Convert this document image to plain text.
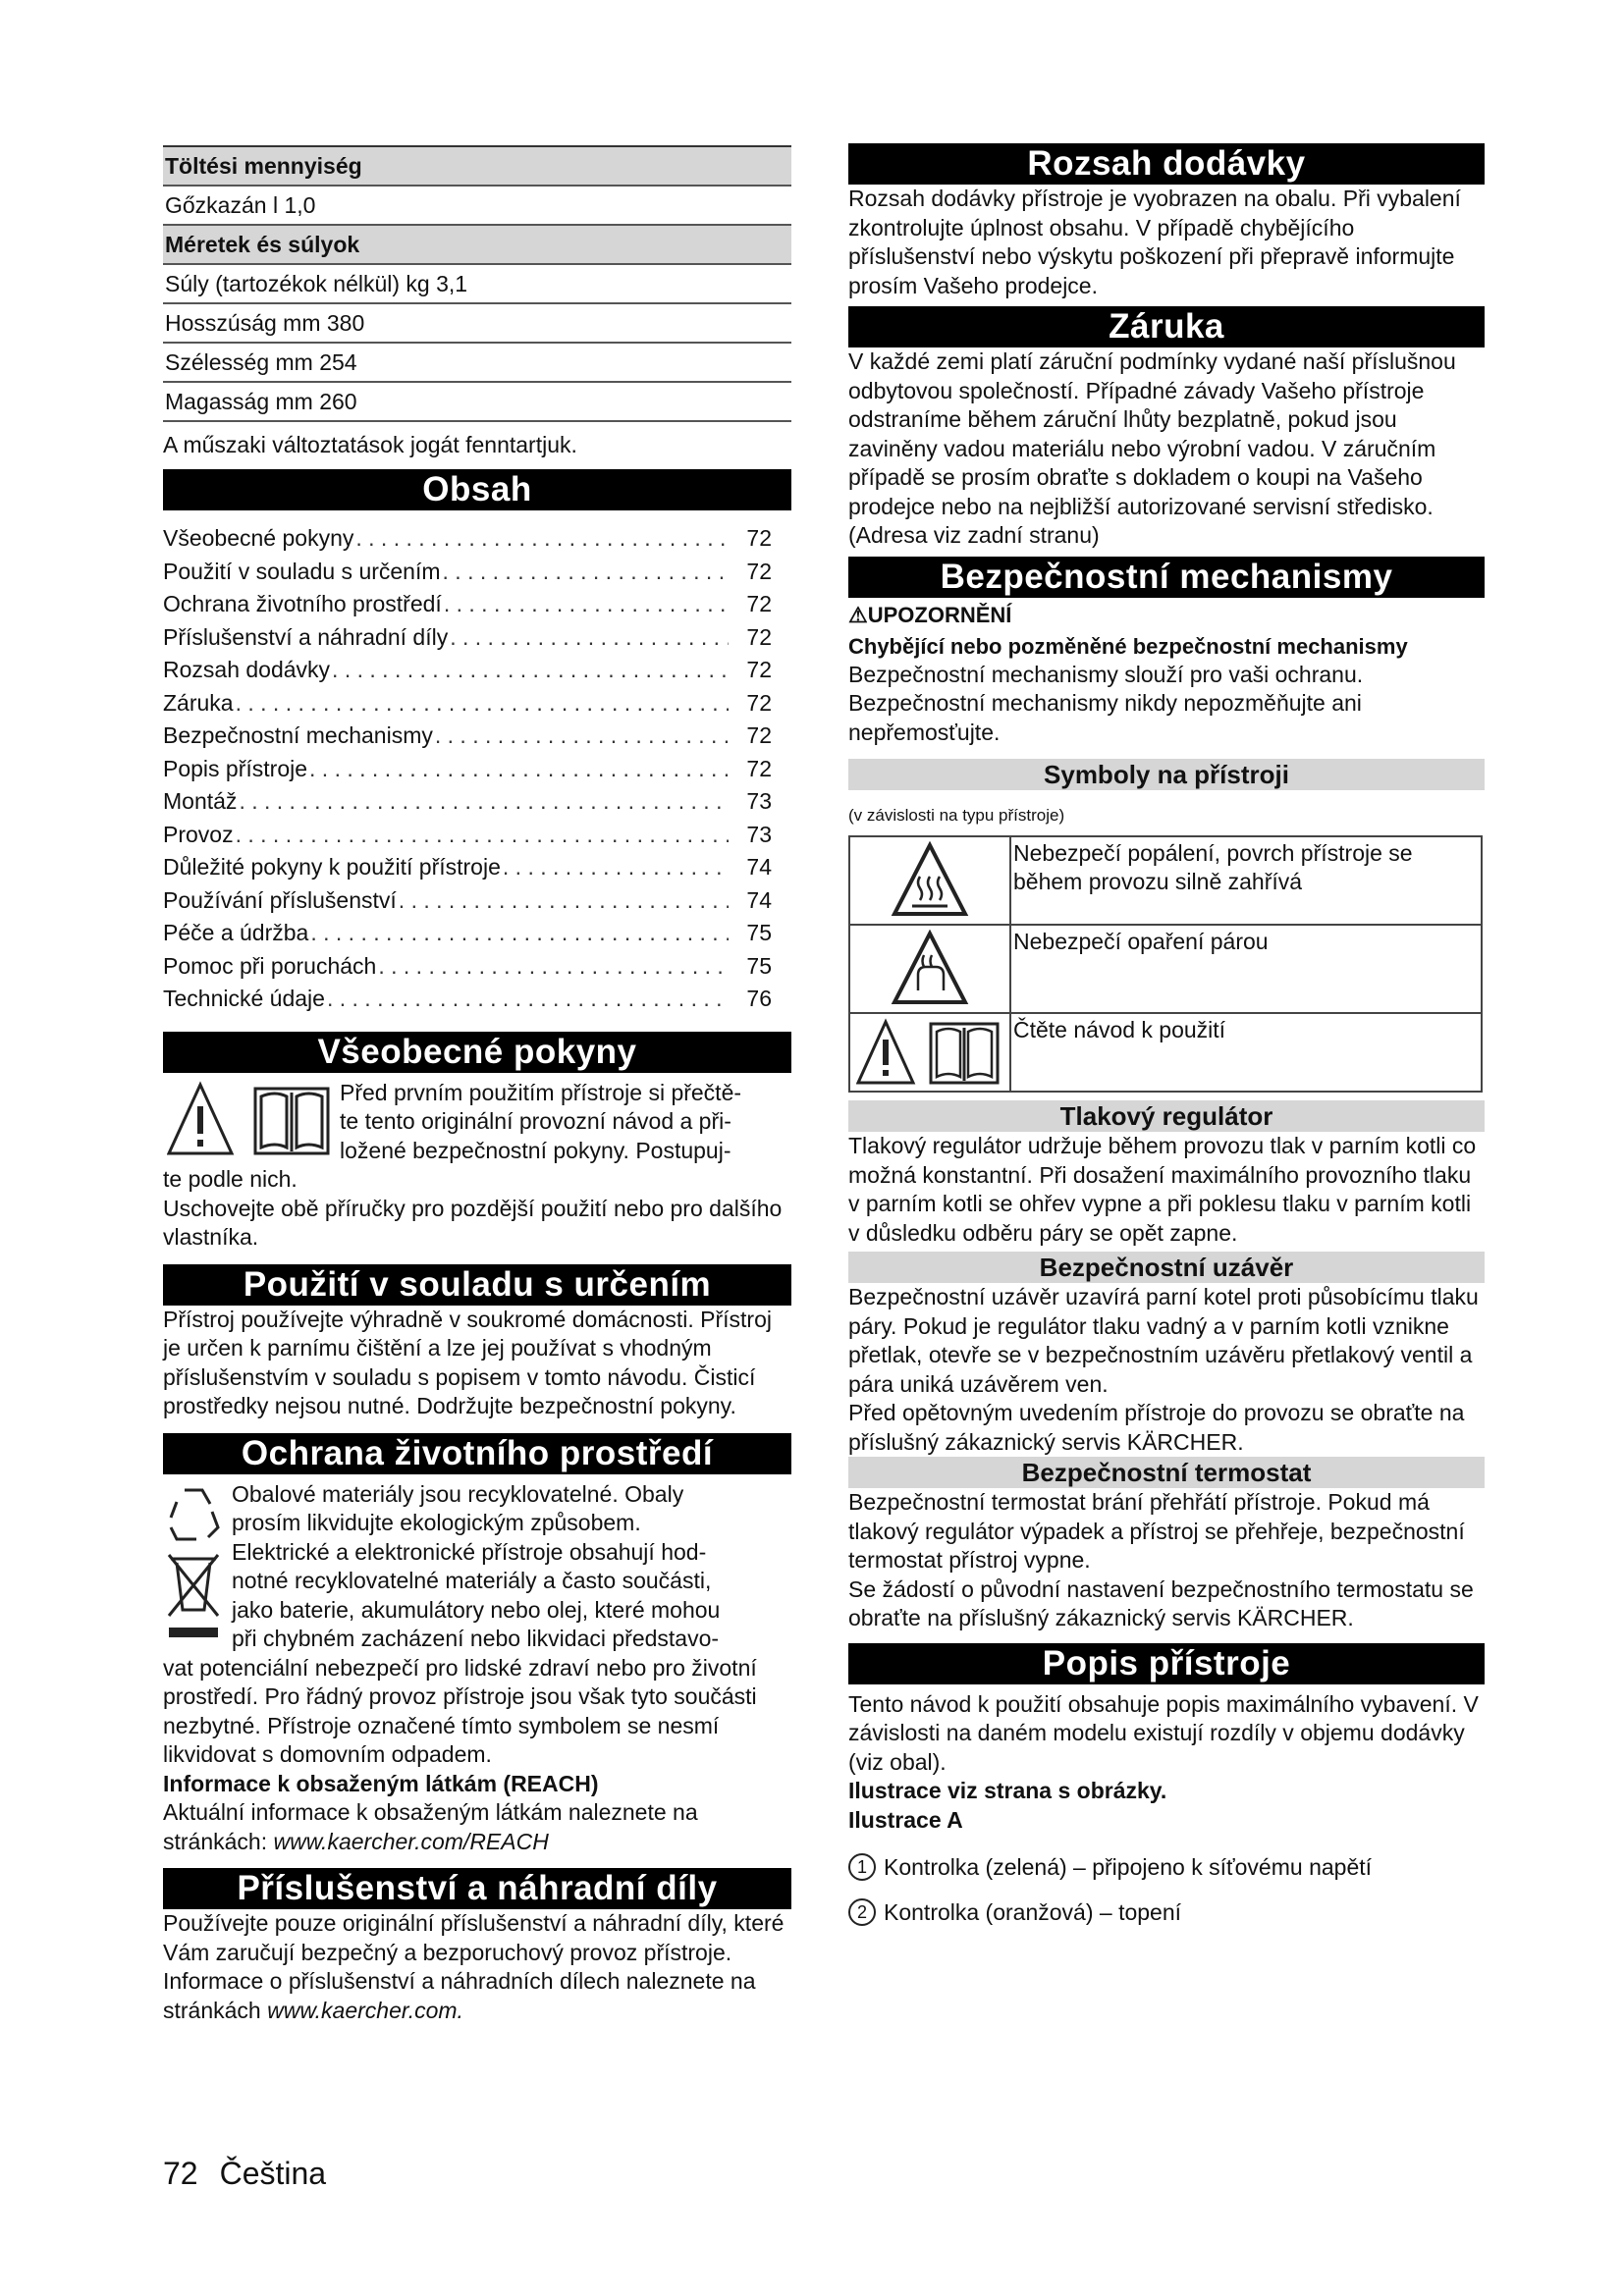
Töltési mennyiség
Gőzkazán l 1,0
Méretek és súlyok
Súly (tartozékok nélkül) kg 3,1
Hosszúság mm 380
Szélesség mm 254
Magasság mm 260
A műszaki változtatások jogát fenntartjuk.
Obsah
Všeobecné pokyny . . .	72
Použití v souladu s určením . . .	72
Ochrana životního prostředí . . .	72
Příslušenství a náhradní díly . . .	72
Rozsah dodávky . . .	72
Záruka . . .	72
Bezpečnostní mechanismy . . .	72
Popis přístroje . . .	72
Montáž . . .	73
Provoz . . .	73
Důležité pokyny k použití přístroje . . .	74
Používání příslušenství . . .	74
Péče a údržba . . .	75
Pomoc při poruchách . . .	75
Technické údaje . . .	76
Všeobecné pokyny

Před prvním použitím přístroje si přečtě-

te tento originální provozní návod a při-

ložené bezpečnostní pokyny. Postupuj-

te podle nich.

Uschovejte obě příručky pro pozdější použití nebo pro dalšího vlastníka.

Použití v souladu s určením

Přístroj používejte výhradně v soukromé domácnosti. Přístroj je určen k parnímu čištění a lze jej používat s vhodným příslušenstvím v souladu s popisem v tomto návodu. Čisticí prostředky nejsou nutné. Dodržujte bezpečnostní pokyny.

Ochrana životního prostředí

Obalové materiály jsou recyklovatelné. Obaly

prosím likvidujte ekologickým způsobem.

Elektrické a elektronické přístroje obsahují hod-

notné recyklovatelné materiály a často součásti,

jako baterie, akumulátory nebo olej, které mohou

při chybném zacházení nebo likvidaci představo-

vat potenciální nebezpečí pro lidské zdraví nebo pro životní prostředí. Pro řádný provoz přístroje jsou však tyto součásti nezbytné. Přístroje označené tímto symbolem se nesmí likvidovat s domovním odpadem.

Informace k obsaženým látkám (REACH)

Aktuální informace k obsaženým látkám naleznete na stránkách: www.kaercher.com/REACH

Příslušenství a náhradní díly

Používejte pouze originální příslušenství a náhradní díly, které Vám zaručují bezpečný a bezporuchový provoz přístroje.

Informace o příslušenství a náhradních dílech naleznete na stránkách www.kaercher.com.

Rozsah dodávky

Rozsah dodávky přístroje je vyobrazen na obalu. Při vybalení zkontrolujte úplnost obsahu. V případě chybějícího příslušenství nebo výskytu poškození při přepravě informujte prosím Vašeho prodejce.

Záruka

V každé zemi platí záruční podmínky vydané naší příslušnou odbytovou společností. Případné závady Vašeho přístroje odstraníme během záruční lhůty bezplatně, pokud jsou zaviněny vadou materiálu nebo výrobní vadou. V záručním případě se prosím obraťte s dokladem o koupi na Vašeho prodejce nebo na nejbližší autorizované servisní středisko.

(Adresa viz zadní stranu)

Bezpečnostní mechanismy
⚠UPOZORNĚNÍ
Chybějící nebo pozměněné bezpečnostní mechanismy

Bezpečnostní mechanismy slouží pro vaši ochranu.

Bezpečnostní mechanismy nikdy nepozměňujte ani nepřemosťujte.

Symboly na přístroji
(v závislosti na typu přístroje)
Nebezpečí popálení, povrch přístroje se během provozu silně zahřívá
Nebezpečí opaření párou
Čtěte návod k použití
Tlakový regulátor

Tlakový regulátor udržuje během provozu tlak v parním kotli co možná konstantní. Při dosažení maximálního provozního tlaku v parním kotli se ohřev vypne a při poklesu tlaku v parním kotli v důsledku odběru páry se opět zapne.

Bezpečnostní uzávěr

Bezpečnostní uzávěr uzavírá parní kotel proti působícímu tlaku páry. Pokud je regulátor tlaku vadný a v parním kotli vznikne přetlak, otevře se v bezpečnostním uzávěru přetlakový ventil a pára uniká uzávěrem ven.

Před opětovným uvedením přístroje do provozu se obraťte na příslušný zákaznický servis KÄRCHER.

Bezpečnostní termostat

Bezpečnostní termostat brání přehřátí přístroje. Pokud má tlakový regulátor výpadek a přístroj se přehřeje, bezpečnostní termostat přístroj vypne.

Se žádostí o původní nastavení bezpečnostního termostatu se obraťte na příslušný zákaznický servis KÄRCHER.

Popis přístroje

Tento návod k použití obsahuje popis maximálního vybavení. V závislosti na daném modelu existují rozdíly v objemu dodávky (viz obal).

Ilustrace viz strana s obrázky.

Ilustrace A

1 Kontrolka (zelená) – připojeno k síťovému napětí
2 Kontrolka (oranžová) – topení
72 Čeština
